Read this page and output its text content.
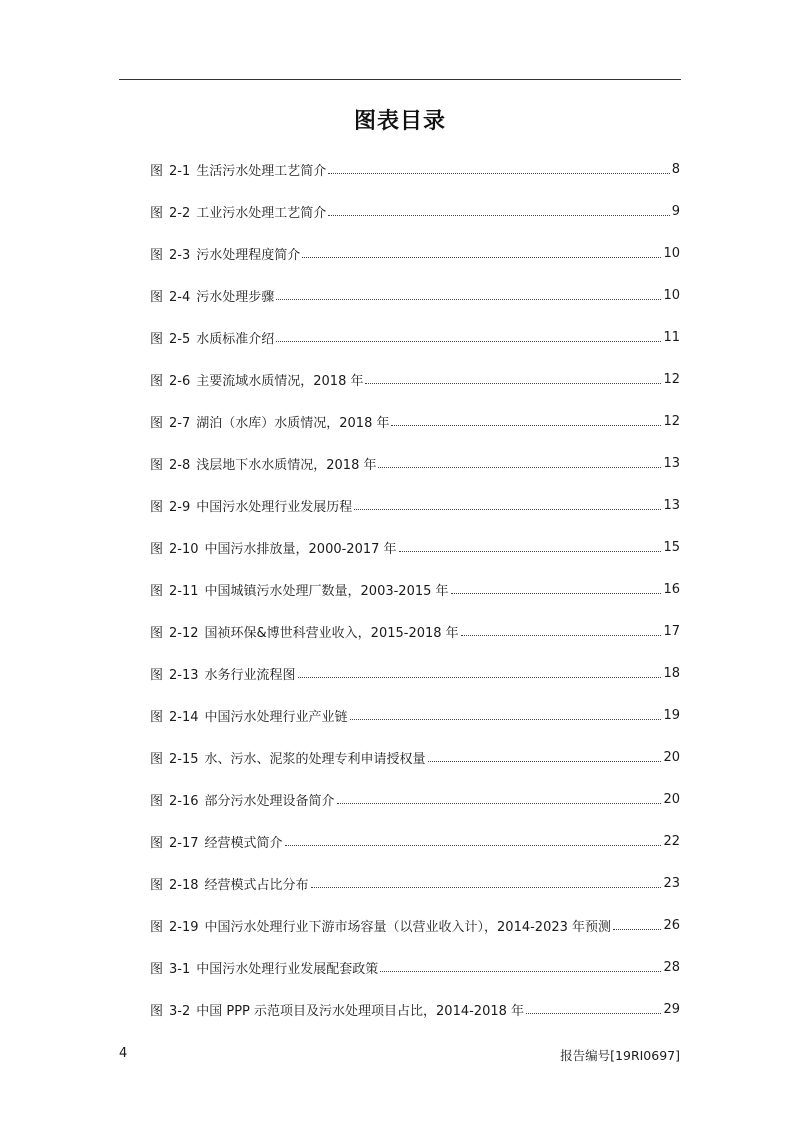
图表目录
图 2-1 生活污水处理工艺简介	8
图 2-2 工业污水处理工艺简介	9
图 2-3 污水处理程度简介	10
图 2-4 污水处理步骤	10
图 2-5 水质标准介绍	11
图 2-6 主要流域水质情况，2018 年	12
图 2-7 湖泊（水库）水质情况，2018 年	12
图 2-8 浅层地下水水质情况，2018 年	13
图 2-9 中国污水处理行业发展历程	13
图 2-10 中国污水排放量，2000-2017 年	15
图 2-11 中国城镇污水处理厂数量，2003-2015 年	16
图 2-12 国祯环保&博世科营业收入，2015-2018 年	17
图 2-13 水务行业流程图	18
图 2-14 中国污水处理行业产业链	19
图 2-15 水、污水、泥浆的处理专利申请授权量	20
图 2-16 部分污水处理设备简介	20
图 2-17 经营模式简介	22
图 2-18 经营模式占比分布	23
图 2-19 中国污水处理行业下游市场容量（以营业收入计），2014-2023 年预测	26
图 3-1 中国污水处理行业发展配套政策	28
图 3-2 中国 PPP 示范项目及污水处理项目占比，2014-2018 年	29
4	报告编号[19RI0697]
